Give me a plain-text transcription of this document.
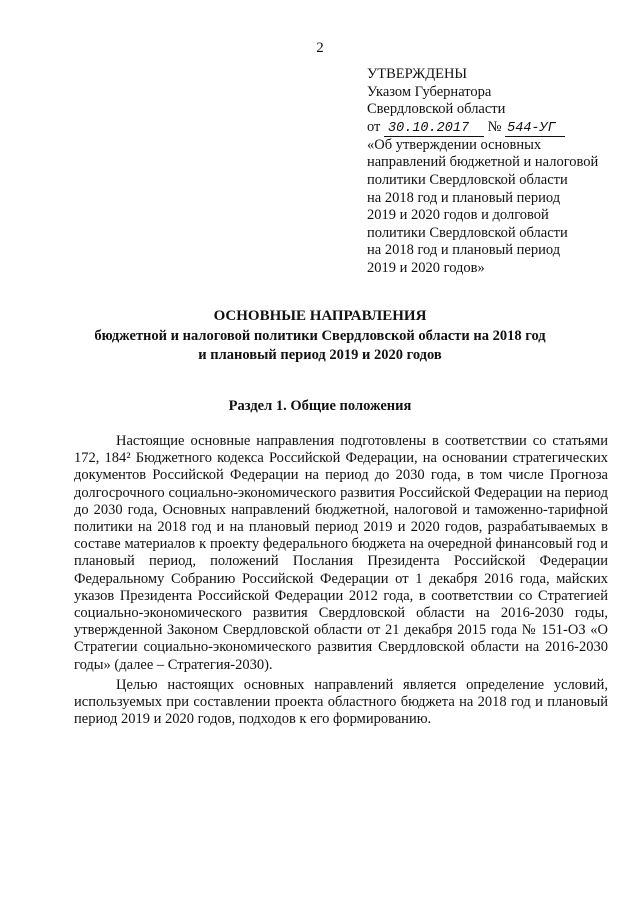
2
УТВЕРЖДЕНЫ
Указом Губернатора
Свердловской области
от 30.10.2017 № 544-УГ
«Об утверждении основных
направлений бюджетной и налоговой
политики Свердловской области
на 2018 год и плановый период
2019 и 2020 годов и долговой
политики Свердловской области
на 2018 год и плановый период
2019 и 2020 годов»
ОСНОВНЫЕ НАПРАВЛЕНИЯ
бюджетной и налоговой политики Свердловской области на 2018 год
и плановый период 2019 и 2020 годов
Раздел 1. Общие положения

Настоящие основные направления подготовлены в соответствии со статьями 172, 184² Бюджетного кодекса Российской Федерации, на основании стратегических документов Российской Федерации на период до 2030 года, в том числе Прогноза долгосрочного социально-экономического развития Российской Федерации на период до 2030 года, Основных направлений бюджетной, налоговой и таможенно-тарифной политики на 2018 год и на плановый период 2019 и 2020 годов, разрабатываемых в составе материалов к проекту федерального бюджета на очередной финансовый год и плановый период, положений Послания Президента Российской Федерации Федеральному Собранию Российской Федерации от 1 декабря 2016 года, майских указов Президента Российской Федерации 2012 года, в соответствии со Стратегией социально-экономического развития Свердловской области на 2016-2030 годы, утвержденной Законом Свердловской области от 21 декабря 2015 года № 151-ОЗ «О Стратегии социально-экономического развития Свердловской области на 2016-2030 годы» (далее – Стратегия-2030).

Целью настоящих основных направлений является определение условий, используемых при составлении проекта областного бюджета на 2018 год и плановый период 2019 и 2020 годов, подходов к его формированию.
